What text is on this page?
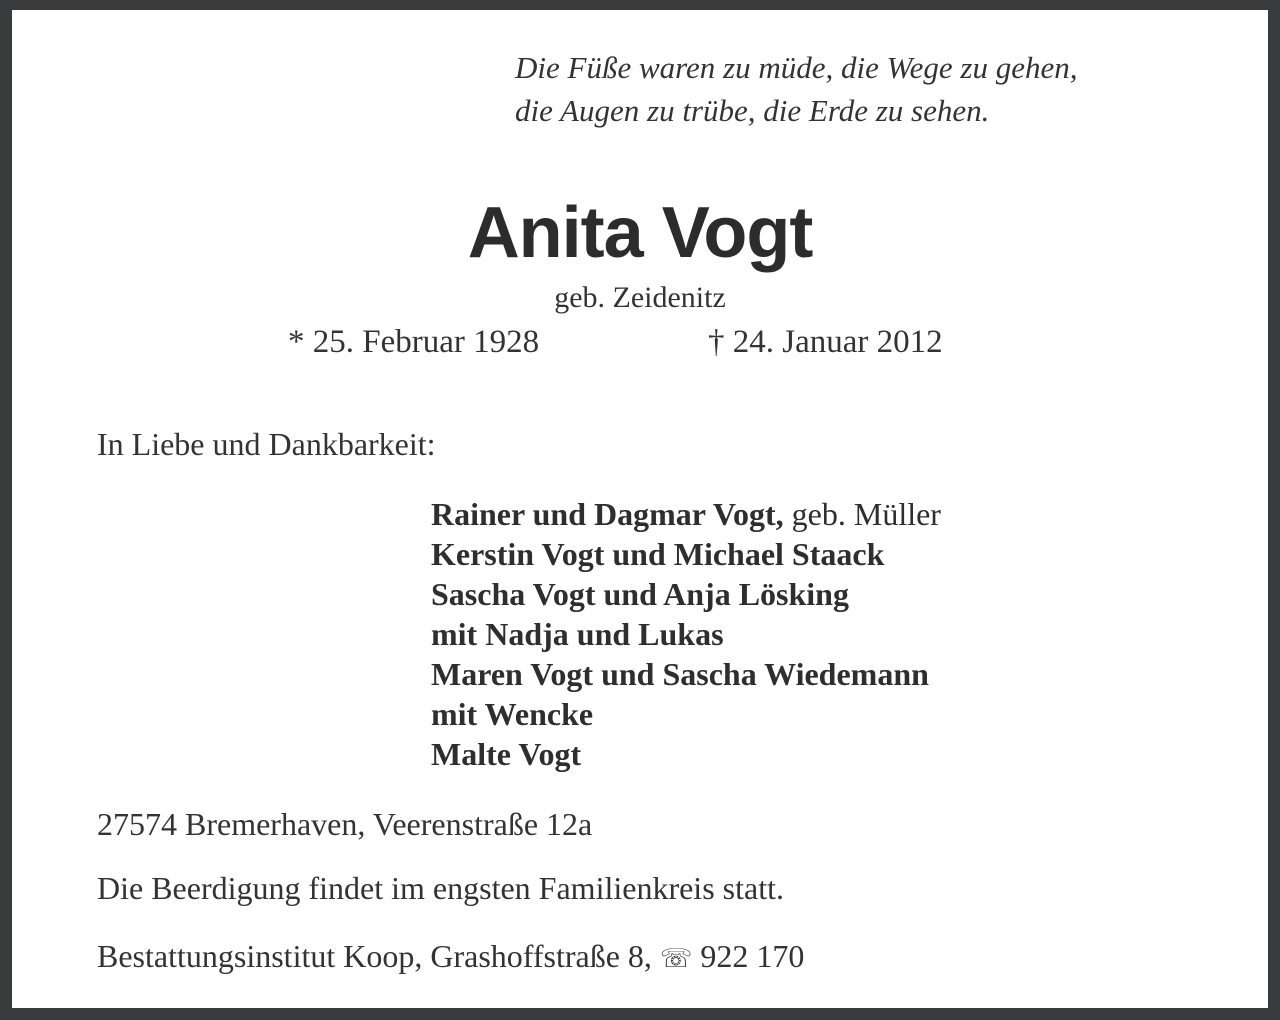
Die Füße waren zu müde, die Wege zu gehen,
die Augen zu trübe, die Erde zu sehen.
Anita Vogt
geb. Zeidenitz
* 25. Februar 1928	† 24. Januar 2012
In Liebe und Dankbarkeit:
Rainer und Dagmar Vogt, geb. Müller
Kerstin Vogt und Michael Staack
Sascha Vogt und Anja Lösking
mit Nadja und Lukas
Maren Vogt und Sascha Wiedemann
mit Wencke
Malte Vogt
27574 Bremerhaven, Veerenstraße 12a
Die Beerdigung findet im engsten Familienkreis statt.
Bestattungsinstitut Koop, Grashoffstraße 8, ☏ 922 170
